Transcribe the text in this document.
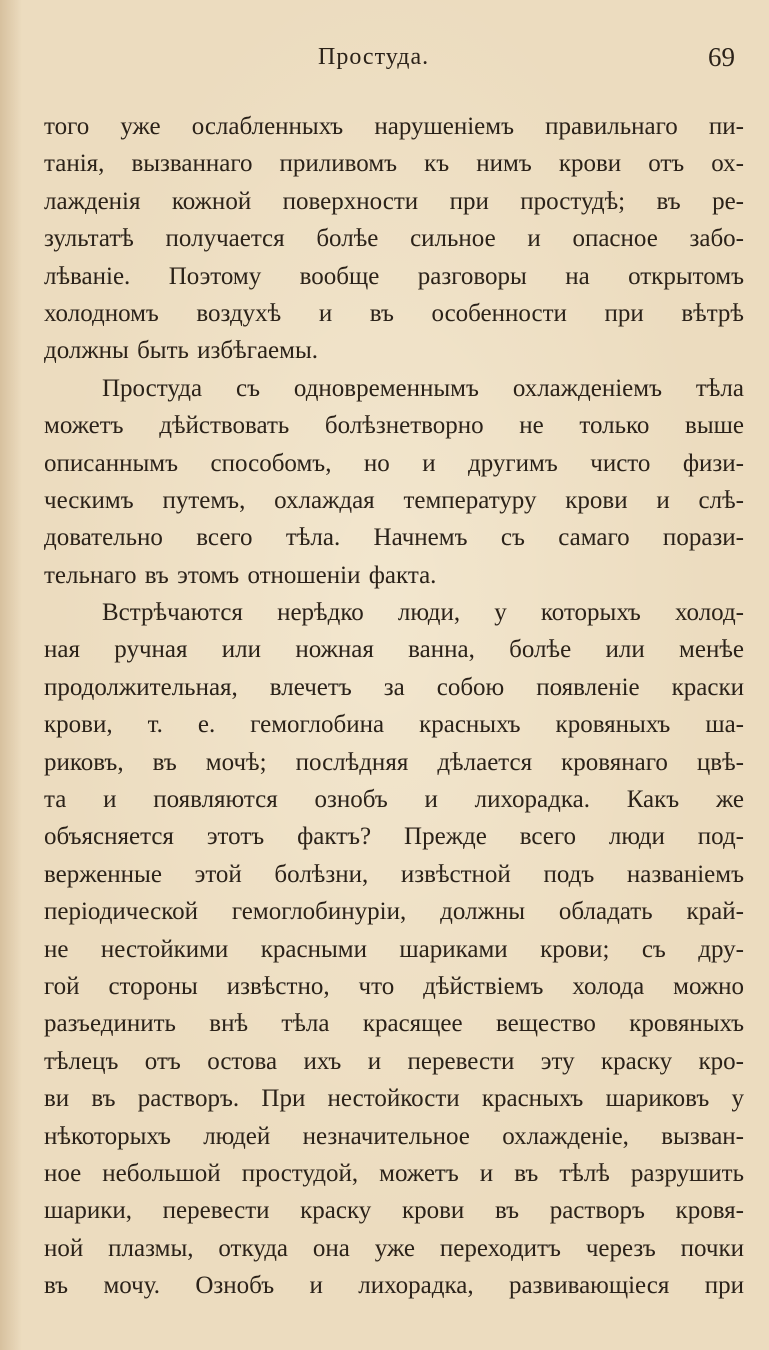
Простуда.	69
того уже ослабленныхъ нарушеніемъ правильнаго пи-
танія, вызваннаго приливомъ къ нимъ крови отъ ох-
лажденія кожной поверхности при простудѣ; въ ре-
зультатѣ получается болѣе сильное и опасное забо-
лѣваніе. Поэтому вообще разговоры на открытомъ
холодномъ воздухѣ и въ особенности при вѣтрѣ
должны быть избѣгаемы.
Простуда съ одновременнымъ охлажденіемъ тѣла
можетъ дѣйствовать болѣзнетворно не только выше
описаннымъ способомъ, но и другимъ чисто физи-
ческимъ путемъ, охлаждая температуру крови и слѣ-
довательно всего тѣла. Начнемъ съ самаго порази-
тельнаго въ этомъ отношеніи факта.
Встрѣчаются нерѣдко люди, у которыхъ холод-
ная ручная или ножная ванна, болѣе или менѣе
продолжительная, влечетъ за собою появленіе краски
крови, т. е. гемоглобина красныхъ кровяныхъ ша-
риковъ, въ мочѣ; послѣдняя дѣлается кровянаго цвѣ-
та и появляются ознобъ и лихорадка. Какъ же
объясняется этотъ фактъ? Прежде всего люди под-
верженные этой болѣзни, извѣстной подъ названіемъ
періодической гемоглобинуріи, должны обладать край-
не нестойкими красными шариками крови; съ дру-
гой стороны извѣстно, что дѣйствіемъ холода можно
разъединить внѣ тѣла красящее вещество кровяныхъ
тѣлецъ отъ остова ихъ и перевести эту краску кро-
ви въ растворъ. При нестойкости красныхъ шариковъ у
нѣкоторыхъ людей незначительное охлажденіе, вызван-
ное небольшой простудой, можетъ и въ тѣлѣ разрушить
шарики, перевести краску крови въ растворъ кровя-
ной плазмы, откуда она уже переходитъ черезъ почки
въ мочу. Ознобъ и лихорадка, развивающіеся при
